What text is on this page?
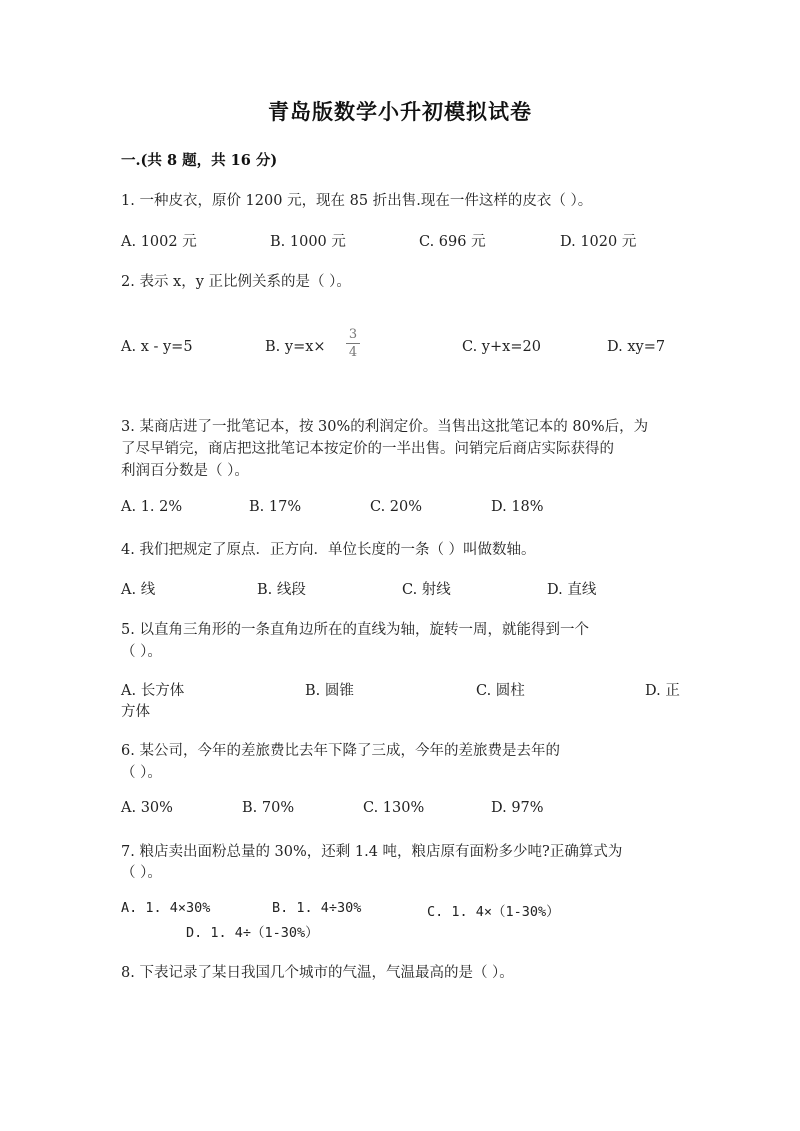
青岛版数学小升初模拟试卷
一.(共 8 题，共 16 分)
1. 一种皮衣，原价 1200 元，现在 85 折出售.现在一件这样的皮衣（ ）。
A. 1002 元	B. 1000 元	C. 696 元	D. 1020 元
2. 表示 x，y 正比例关系的是（ ）。
A. x - y=5	B. y=x×
3
4	C. y+x=20	D. xy=7
3. 某商店进了一批笔记本，按 30%的利润定价。当售出这批笔记本的 80%后，为
了尽早销完，商店把这批笔记本按定价的一半出售。问销完后商店实际获得的
利润百分数是（ ）。
A. 1. 2%	B. 17%	C. 20%	D. 18%
4. 我们把规定了原点．正方向．单位长度的一条（ ）叫做数轴。
A. 线	B. 线段	C. 射线	D. 直线
5. 以直角三角形的一条直角边所在的直线为轴，旋转一周，就能得到一个
（ ）。
A. 长方体	B. 圆锥	C. 圆柱	D. 正
方体
6. 某公司，今年的差旅费比去年下降了三成，今年的差旅费是去年的
（ ）。
A. 30%	B. 70%	C. 130%	D. 97%
7. 粮店卖出面粉总量的 30%，还剩 1.4 吨，粮店原有面粉多少吨?正确算式为
（ ）。
A. 1. 4×30%	B. 1. 4÷30%	C. 1. 4×（1-30%）
D. 1. 4÷（1-30%）
8. 下表记录了某日我国几个城市的气温，气温最高的是（ ）。
